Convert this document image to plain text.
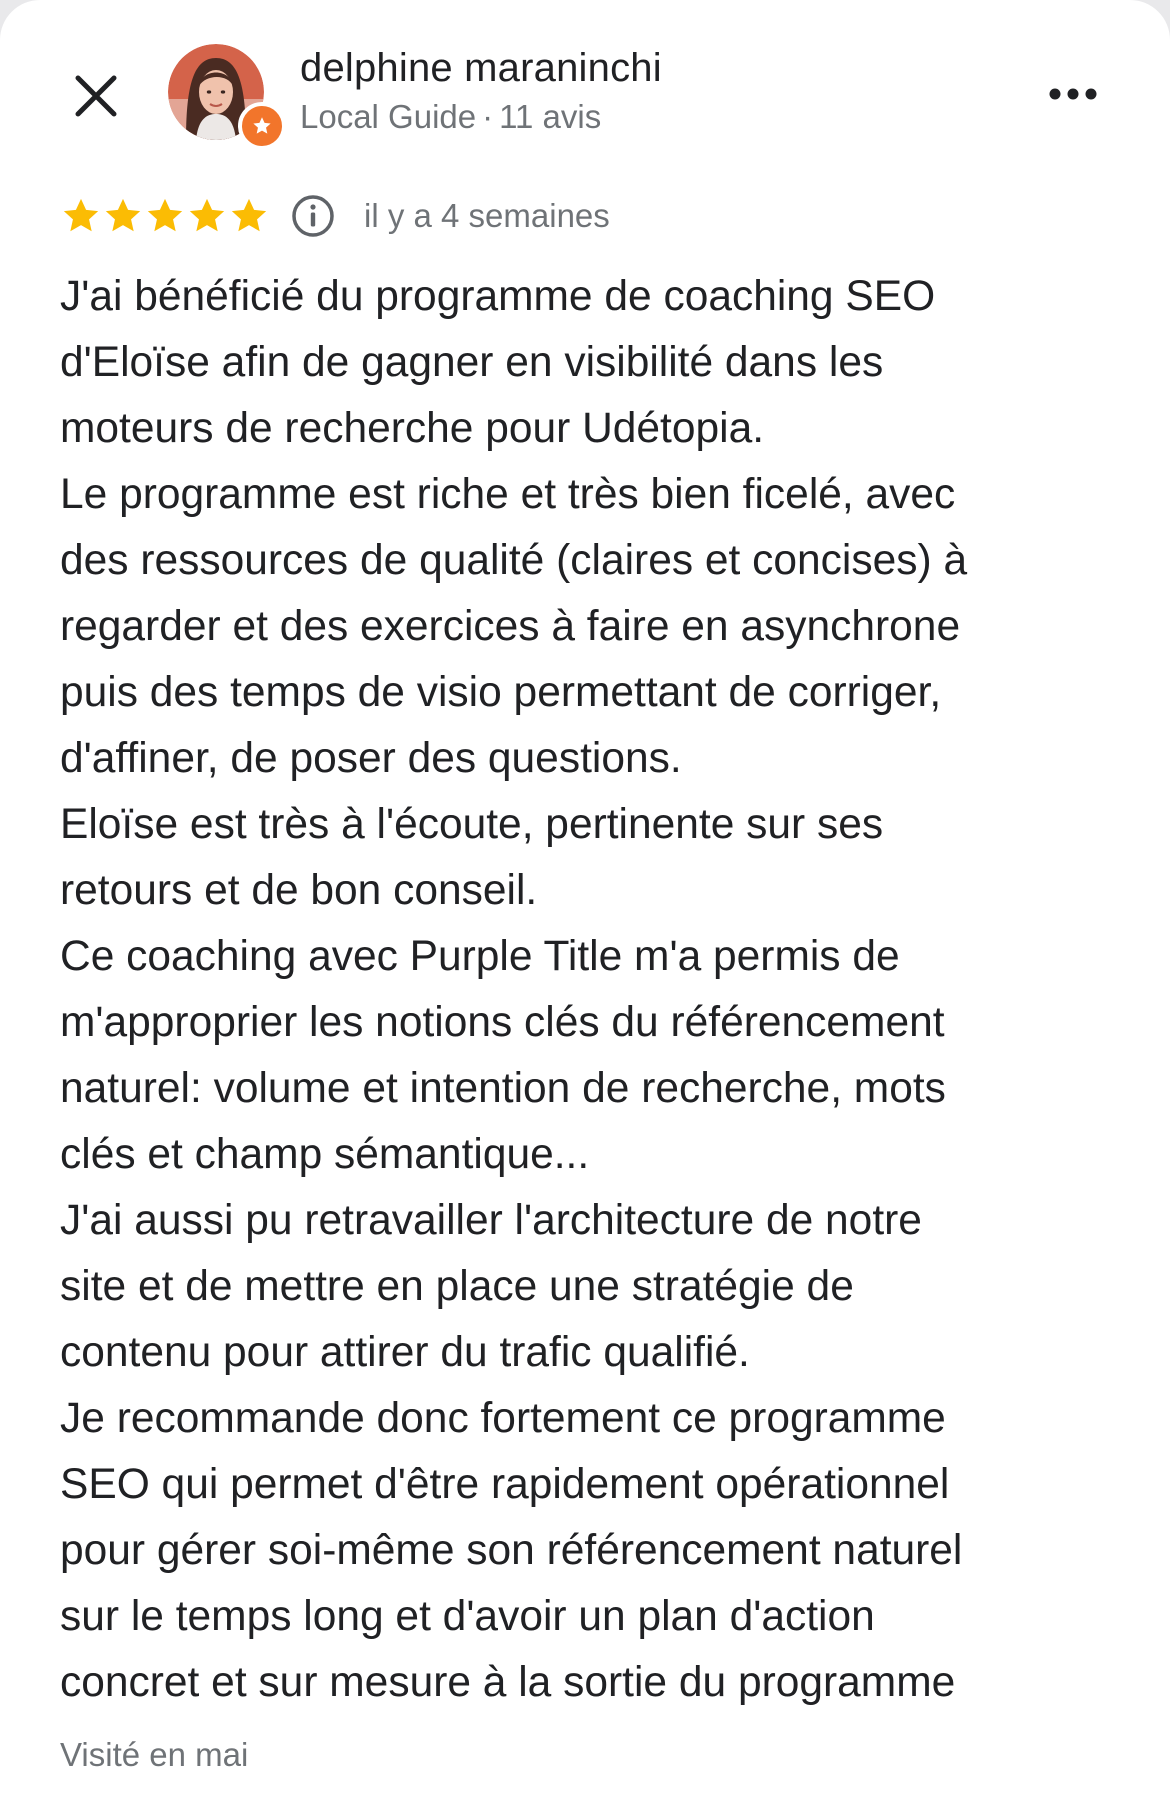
delphine maraninchi
Local Guide · 11 avis
il y a 4 semaines

J'ai bénéficié du programme de coaching SEO

d'Eloïse afin de gagner en visibilité dans les

moteurs de recherche pour Udétopia.

Le programme est riche et très bien ficelé, avec

des ressources de qualité (claires et concises) à

regarder et des exercices à faire en asynchrone

puis des temps de visio permettant de corriger,

d'affiner, de poser des questions.

Eloïse est très à l'écoute, pertinente sur ses

retours et de bon conseil.

Ce coaching avec Purple Title m'a permis de

m'approprier les notions clés du référencement

naturel: volume et intention de recherche, mots

clés et champ sémantique...

J'ai aussi pu retravailler l'architecture de notre

site et de mettre en place une stratégie de

contenu pour attirer du trafic qualifié.

Je recommande donc fortement ce programme

SEO qui permet d'être rapidement opérationnel

pour gérer soi-même son référencement naturel

sur le temps long et d'avoir un plan d'action

concret et sur mesure à la sortie du programme

Visité en mai
